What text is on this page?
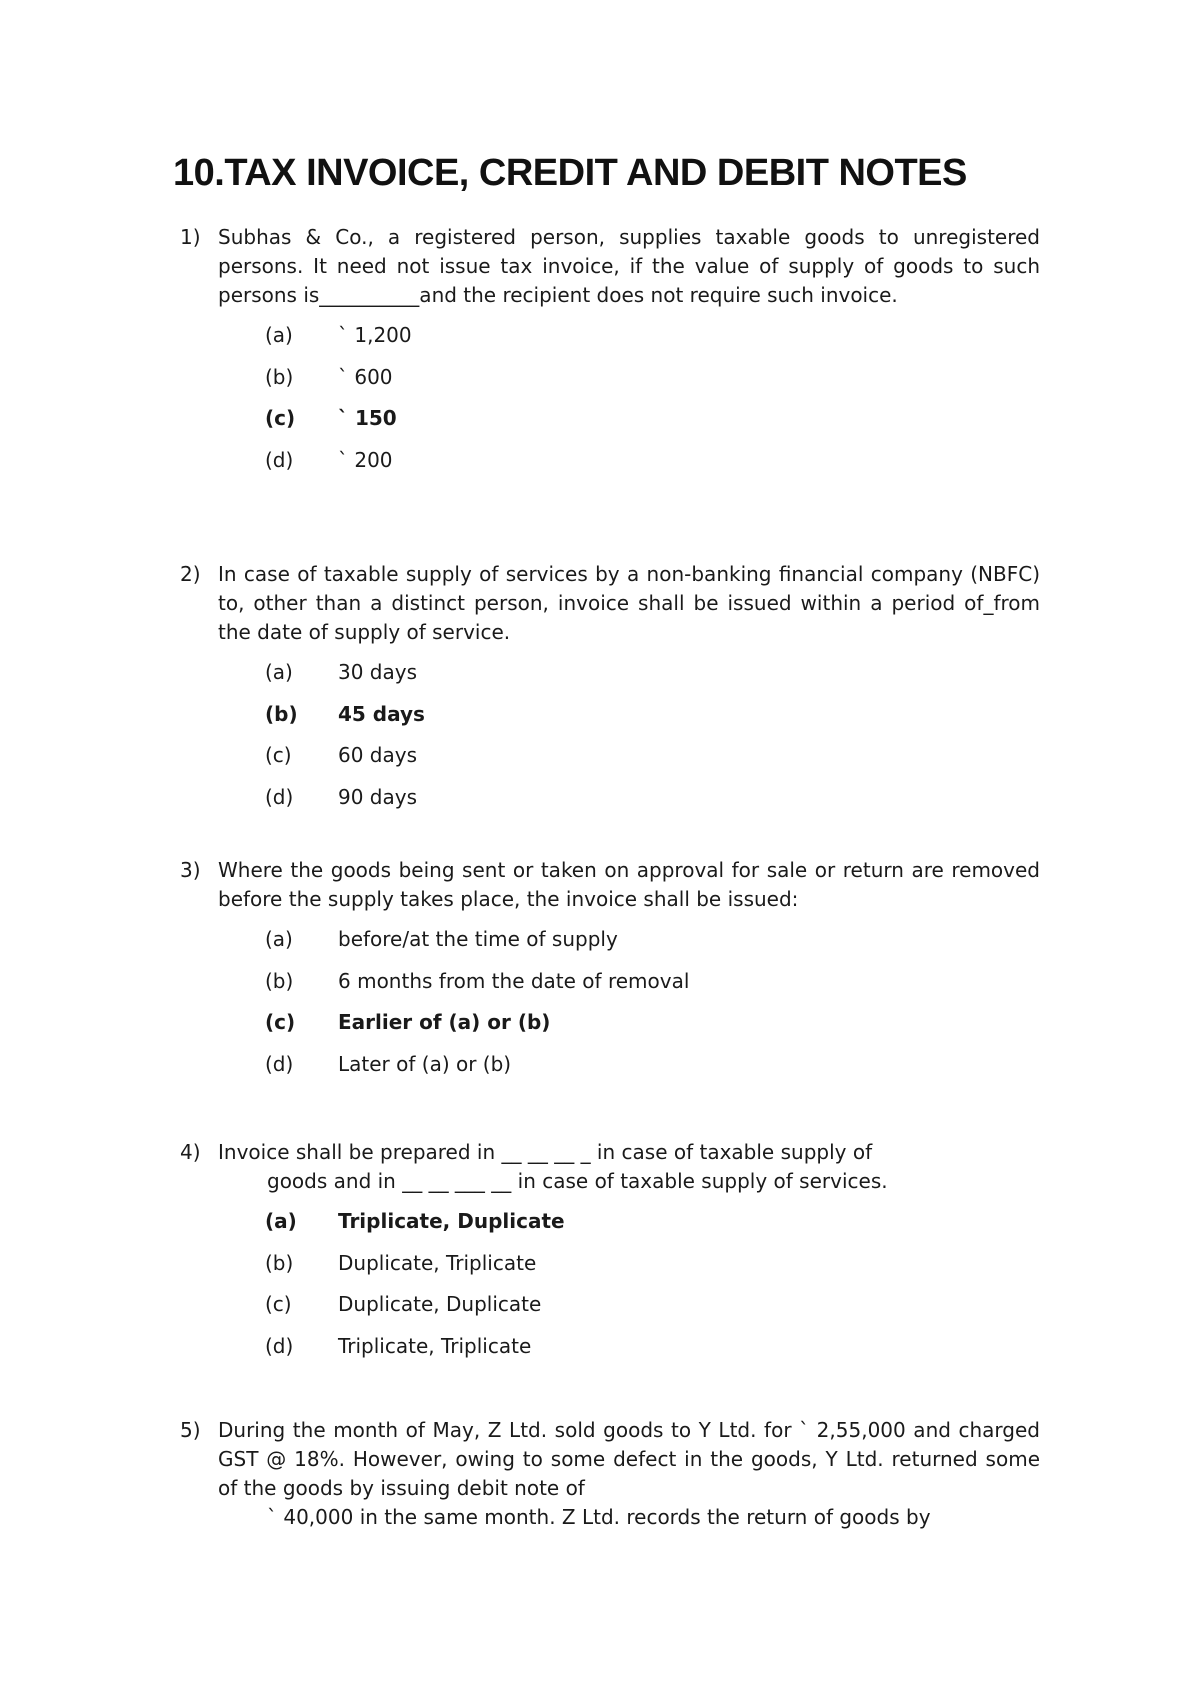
10.TAX INVOICE, CREDIT AND DEBIT NOTES
1) Subhas & Co., a registered person, supplies taxable goods to unregistered persons. It need not issue tax invoice, if the value of supply of goods to such persons is__________and the recipient does not require such invoice.
(a) ` 1,200
(b) ` 600
(c) ` 150
(d) ` 200
2) In case of taxable supply of services by a non-banking financial company (NBFC) to, other than a distinct person, invoice shall be issued within a period of_from the date of supply of service.
(a) 30 days
(b) 45 days
(c) 60 days
(d) 90 days
3) Where the goods being sent or taken on approval for sale or return are removed before the supply takes place, the invoice shall be issued:
(a) before/at the time of supply
(b) 6 months from the date of removal
(c) Earlier of (a) or (b)
(d) Later of (a) or (b)
4) Invoice shall be prepared in __ __ __ _ in case of taxable supply of
goods and in __ __ ___ __ in case of taxable supply of services.
(a) Triplicate, Duplicate
(b) Duplicate, Triplicate
(c) Duplicate, Duplicate
(d) Triplicate, Triplicate
5) During the month of May, Z Ltd. sold goods to Y Ltd. for ` 2,55,000 and charged GST @ 18%. However, owing to some defect in the goods, Y Ltd. returned some of the goods by issuing debit note of
` 40,000 in the same month. Z Ltd. records the return of goods by
